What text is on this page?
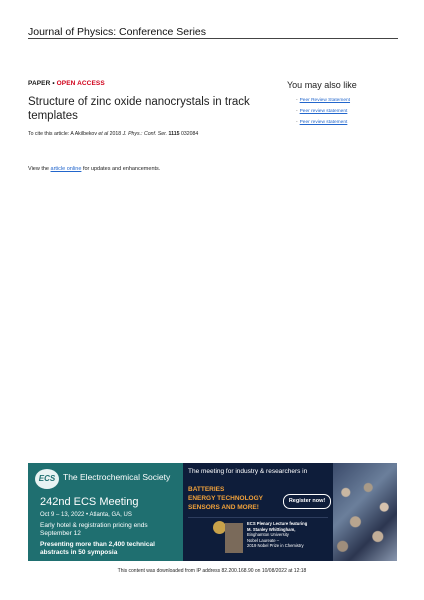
Journal of Physics: Conference Series
PAPER • OPEN ACCESS
Structure of zinc oxide nanocrystals in track templates
To cite this article: A Akilbekov et al 2018 J. Phys.: Conf. Ser. 1115 032084
View the article online for updates and enhancements.
You may also like
- Peer Review Statement
- Peer review statement
- Peer review statement
ECS The Electrochemical Society
242nd ECS Meeting
Oct 9 – 13, 2022 • Atlanta, GA, US
Early hotel & registration pricing ends September 12
Presenting more than 2,400 technical abstracts in 50 symposia
The meeting for industry & researchers in
BATTERIES
ENERGY TECHNOLOGY
SENSORS AND MORE!
Register now!
ECS Plenary Lecture featuring
M. Stanley Whittingham,
Binghamton University
Nobel Laureate –
2019 Nobel Prize in Chemistry
This content was downloaded from IP address 82.200.168.90 on 10/08/2022 at 12:18
